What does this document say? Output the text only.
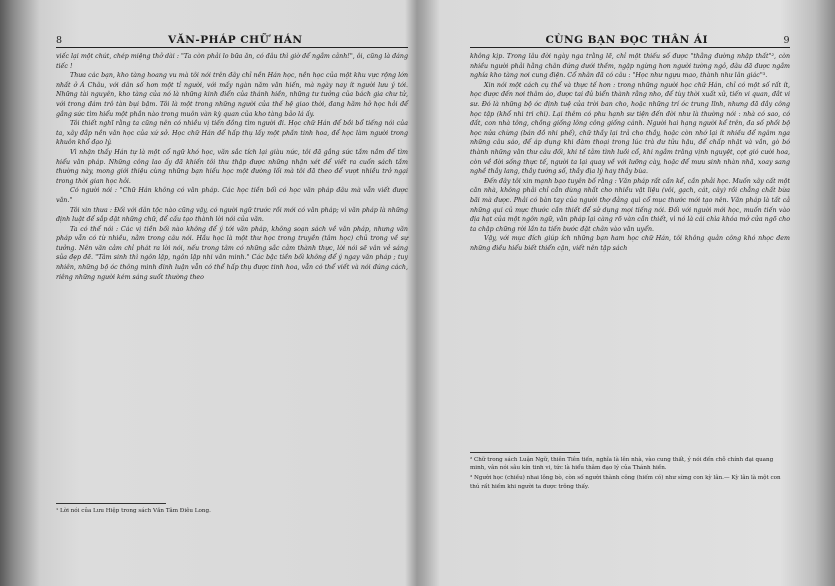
8	VĂN-PHÁP CHỮ HÁN

viếc lại một chút, chép miệng thở dài : "Ta còn phải lo bữa ăn, có đâu thì giờ để ngắm cảnh!", ôi, cũng là đáng tiếc !

Thưa các bạn, kho tàng hoang vu mà tôi nói trên đây chỉ nền Hán học, nền học của một khu vực rộng lớn nhất ở Á Châu, với dân số hơn một tỉ người, với mấy ngàn năm văn hiến, mà ngày nay ít người lưu ý tới. Những tài nguyên, kho tàng của nó là những kinh điển của thánh hiền, những tư tưởng của bách gia chư tử, với trong đám trô tàn bụi bậm. Tôi là một trong những người của thế hệ giao thời, đang hăm hở học hỏi để gắng sức tìm hiểu một phần nào trong muôn vàn kỳ quan của kho tàng bảo lá ấy.

Tôi thiết nghĩ rằng ta cũng nên có nhiều vị tiến đồng tìm người đi. Học chữ Hán để bồi bổ tiếng nói của ta, xây đắp nền văn học của xứ sở. Học chữ Hán để hấp thụ lấy một phần tinh hoa, để học làm người trong khuôn khổ đạo lý.

Vì nhận thấy Hán tự là một cổ ngữ khó học, văn sắc tích lại giàu nức, tôi đã gắng sức tầm nầm để tìm hiểu văn pháp. Những công lao ấy đã khiến tôi thu thập được những nhận xét để viết ra cuốn sách tầm thường này, mong giới thiệu cùng những bạn hiếu học một đường lối mà tôi đã theo để vượt nhiều trở ngại trong thời gian học hỏi.

Có người nói : "Chữ Hán không có văn pháp. Các học tiền bối có học văn pháp đâu mà vẫn viết được văn."

Tôi xin thưa : Đối với dân tộc nào cũng vậy, có người ngữ trước rồi mới có văn pháp; vì văn pháp là những định luật để sắp đặt những chữ, để cấu tạo thành lời nói của văn.

Ta có thể nói : Các vị tiền bối nào không để ý tới văn pháp, không soạn sách về văn pháp, nhưng văn pháp vẫn có từ nhiều, nằm trong câu nói. Hầu học là một thư học trong truyền (tâm học) chủ trong về sự tưởng. Nên văn cảm chỉ phát ra lời nói, nếu trong tâm có những sắc cảm thành thực, lời nói sẽ vân vẻ sáng sủa đẹp đẽ. "Tâm sinh thì ngôn lập, ngôn lập nhi văn minh." Các bậc tiền bối không để ý ngay văn pháp ; tuy nhiên, những bộ óc thông minh đinh luận vẫn có thể hấp thụ được tinh hoa, vẫn có thể viết và nói đúng cách, riêng những người kém sáng suốt thường theo

¹ Lời nói của Lưu Hiệp trong sách Văn Tâm Điêu Long.

CÙNG BẠN ĐỌC THÂN ÁI	9

không kịp. Trong lâu đời ngày nga trằng lẽ, chỉ một thiếu số được "thằng đường nhập thất"², còn nhiều người phải hằng chân đứng dưới thềm, ngập ngừng hơn người tường ngỏ, đâu đã được ngắm nghía kho tàng nơi cung điện. Cổ nhân đã có câu : "Học như ngựu mao, thành như lân giác"³.

Xin nói một cách cụ thể và thực tế hơn : trong những người học chữ Hán, chỉ có một số rất ít, học được đến nơi thâm áo, được tai đủ biển thành rằng nho, để tùy thời xuất xử, tiến vi quan, đắt vi sư. Đó là những bộ óc định tuệ của trời ban cho, hoặc những trí óc trung lĩnh, nhưng đã đầy công học tập (khổ nhi tri chi). Lại thêm có phu hạnh sư tiện đến đời như là thường nói : nhà có sao, có đất, con nhà tông, chồng giống lông công giống cánh. Người hai hạng người kể trên, đa số phối bộ học nửa chừng (bán đồ nhi phế), chữ thầy lại trả cho thầy, hoặc còn nhớ lại ít nhiều để ngâm nga những câu sáo, để áp dụng khi đàm thoại trong lúc trà dư tửu hậu, để chấp nhặt và vần, gò bó thành những văn thư câu đối, khi tế tảm tình luồi cổ, khi ngắm trăng vịnh nguyệt, cợt gió cười hoa, còn về đời sống thực tế, người ta lại quay về với lưỡng cày, hoặc để mưu sinh nhàn nhã, xoay sang nghề thầy lang, thầy tướng số, thầy địa lý hay thầy bùa.

Đến đây tôi xin mạnh bạo tuyên bố rằng : Văn pháp rất cần kể, cần phải học. Muốn xây cất một căn nhà, không phải chỉ cần dùng nhất cho nhiều vật liệu (vôi, gạch, cát, cây) rồi chẳng chất bừa bãi mà được. Phải có bàn tay của người thợ đảng quì cổ mục thước mới tạo nên. Văn pháp là tất cả những qui củ mực thước cần thiết để sử dụng mọi tiếng nói. Đối với người mới học, muốn tiến vào địa hạt của một ngôn ngữ, văn pháp lại càng rõ vàn cần thiết, vì nó là cái chìa khóa mở cửa ngõ cho ta chập chững rời lần ta tiến bước đặt chân vào văn uyển.

Vậy, với mục đích giúp ích những bạn ham học chữ Hán, tôi không quản công khó nhọc đem những điều hiểu biết thiển cận, viết nên tập sách

² Chữ trong sách Luận Ngữ, thiên Tiên tiến, nghĩa là lên nhà, vào cung thất, ý nói đến chỗ chính đại quang minh, vân nói sâu kín tinh vi, tức là hiểu thâm đạo lý của Thánh hiền.

³ Người học (chiều) nhai lông bò, còn số người thành công (hiếm có) như sừng con kỳ lân.— Kỳ lân là một con thú rất hiếm khi người ta được trông thấy.
